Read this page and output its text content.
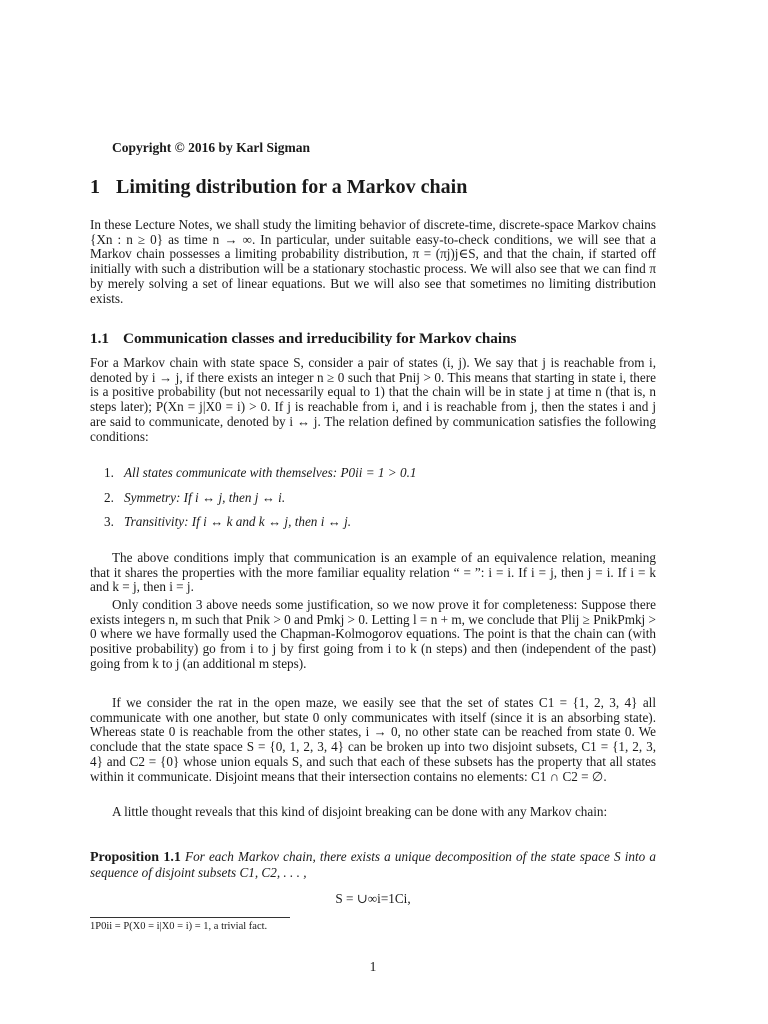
Copyright © 2016 by Karl Sigman
1 Limiting distribution for a Markov chain
In these Lecture Notes, we shall study the limiting behavior of discrete-time, discrete-space Markov chains {Xn : n ≥ 0} as time n → ∞. In particular, under suitable easy-to-check conditions, we will see that a Markov chain possesses a limiting probability distribution, π = (πj)j∈S, and that the chain, if started off initially with such a distribution will be a stationary stochastic process. We will also see that we can find π by merely solving a set of linear equations. But we will also see that sometimes no limiting distribution exists.
1.1 Communication classes and irreducibility for Markov chains
For a Markov chain with state space S, consider a pair of states (i, j). We say that j is reachable from i, denoted by i → j, if there exists an integer n ≥ 0 such that Pnij > 0. This means that starting in state i, there is a positive probability (but not necessarily equal to 1) that the chain will be in state j at time n (that is, n steps later); P(Xn = j|X0 = i) > 0. If j is reachable from i, and i is reachable from j, then the states i and j are said to communicate, denoted by i ↔ j. The relation defined by communication satisfies the following conditions:
1. All states communicate with themselves: P0ii = 1 > 0.1
2. Symmetry: If i ↔ j, then j ↔ i.
3. Transitivity: If i ↔ k and k ↔ j, then i ↔ j.
The above conditions imply that communication is an example of an equivalence relation, meaning that it shares the properties with the more familiar equality relation “ = ”: i = i. If i = j, then j = i. If i = k and k = j, then i = j.
Only condition 3 above needs some justification, so we now prove it for completeness: Suppose there exists integers n, m such that Pnik > 0 and Pmkj > 0. Letting l = n + m, we conclude that Plij ≥ PnikPmkj > 0 where we have formally used the Chapman-Kolmogorov equations. The point is that the chain can (with positive probability) go from i to j by first going from i to k (n steps) and then (independent of the past) going from k to j (an additional m steps).
If we consider the rat in the open maze, we easily see that the set of states C1 = {1, 2, 3, 4} all communicate with one another, but state 0 only communicates with itself (since it is an absorbing state). Whereas state 0 is reachable from the other states, i → 0, no other state can be reached from state 0. We conclude that the state space S = {0, 1, 2, 3, 4} can be broken up into two disjoint subsets, C1 = {1, 2, 3, 4} and C2 = {0} whose union equals S, and such that each of these subsets has the property that all states within it communicate. Disjoint means that their intersection contains no elements: C1 ∩ C2 = ∅.
A little thought reveals that this kind of disjoint breaking can be done with any Markov chain:
Proposition 1.1 For each Markov chain, there exists a unique decomposition of the state space S into a sequence of disjoint subsets C1, C2, . . . ,
S = ∪∞i=1Ci,
1P0ii = P(X0 = i|X0 = i) = 1, a trivial fact.
1
